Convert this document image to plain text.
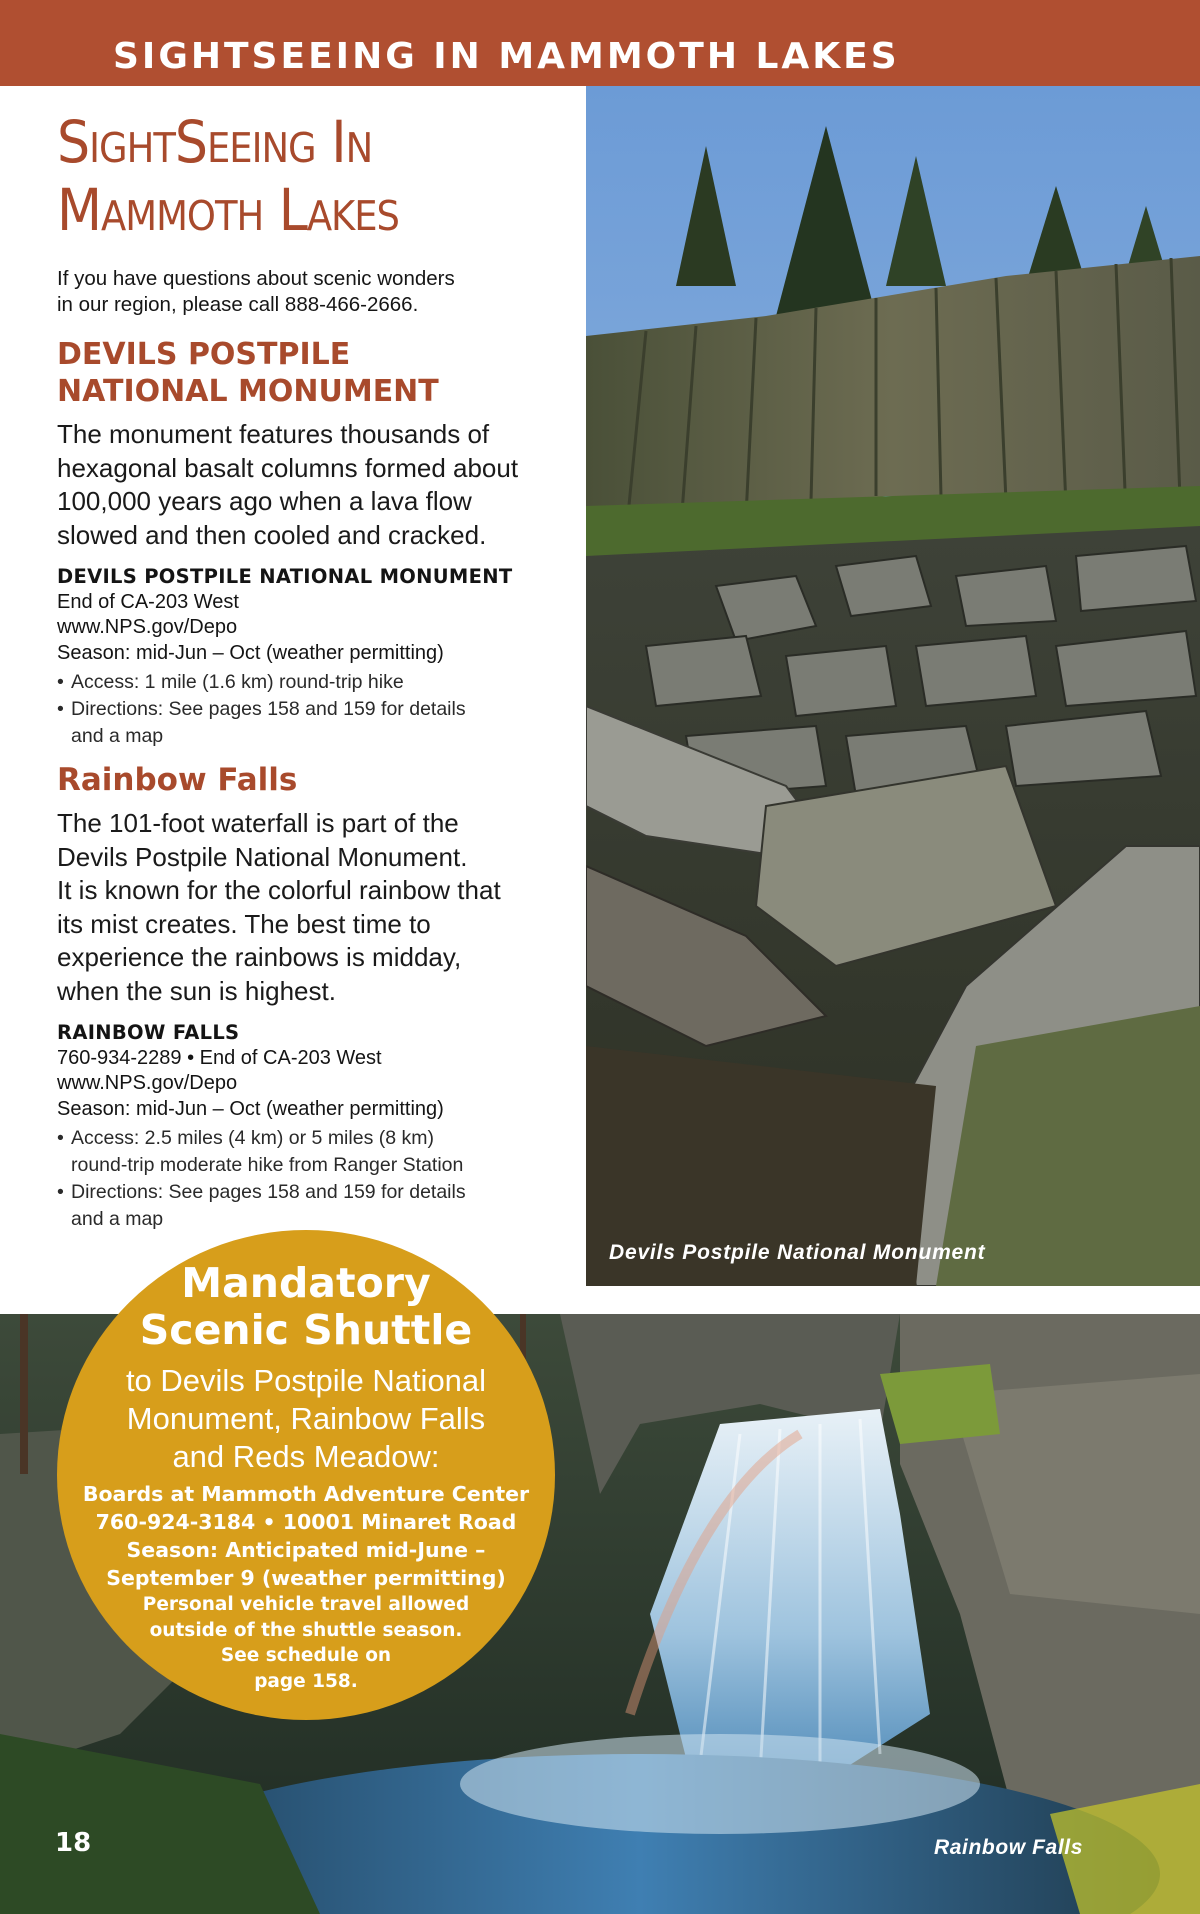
SIGHTSEEING IN MAMMOTH LAKES
Devils Postpile National Monument
SightSeeing In
Mammoth Lakes
If you have questions about scenic wonders
in our region, please call 888-466-2666.
DEVILS POSTPILE
NATIONAL MONUMENT
The monument features thousands of
hexagonal basalt columns formed about
100,000 years ago when a lava flow
slowed and then cooled and cracked.
DEVILS POSTPILE NATIONAL MONUMENT
End of CA-203 West
www.NPS.gov/Depo
Season: mid-Jun – Oct (weather permitting)
• Access: 1 mile (1.6 km) round-trip hike
• Directions: See pages 158 and 159 for details
and a map
Rainbow Falls
The 101-foot waterfall is part of the
Devils Postpile National Monument.
It is known for the colorful rainbow that
its mist creates. The best time to
experience the rainbows is midday,
when the sun is highest.
RAINBOW FALLS
760-934-2289 • End of CA-203 West
www.NPS.gov/Depo
Season: mid-Jun – Oct (weather permitting)
• Access: 2.5 miles (4 km) or 5 miles (8 km)
round-trip moderate hike from Ranger Station
• Directions: See pages 158 and 159 for details
and a map
Mandatory
Scenic Shuttle
to Devils Postpile National
Monument, Rainbow Falls
and Reds Meadow:
Boards at Mammoth Adventure Center
760-924-3184 • 10001 Minaret Road
Season: Anticipated mid-June –
September 9 (weather permitting)
Personal vehicle travel allowed
outside of the shuttle season.
See schedule on
page 158.
18	Rainbow Falls
